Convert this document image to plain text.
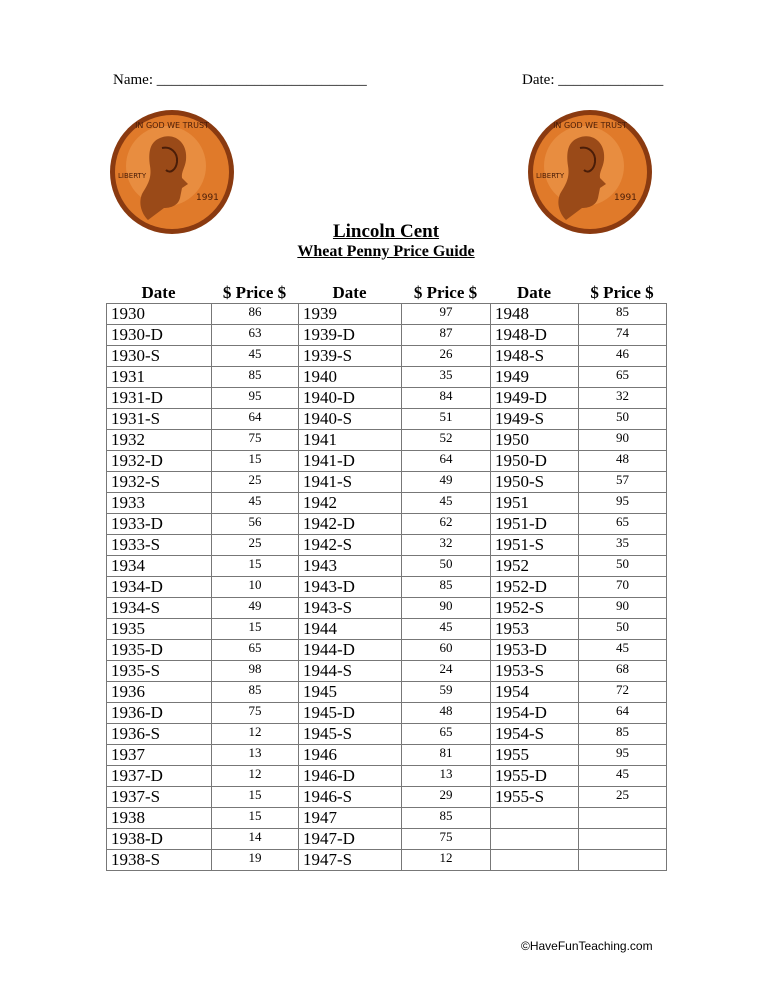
Name: ____________________________	Date: ______________
IN GOD WE TRUST
LIBERTY
1991
IN GOD WE TRUST
LIBERTY
1991
Lincoln Cent
Wheat Penny Price Guide
Date	$ Price $	Date	$ Price $	Date	$ Price $
1930	86	1939	97	1948	85
1930-D	63	1939-D	87	1948-D	74
1930-S	45	1939-S	26	1948-S	46
1931	85	1940	35	1949	65
1931-D	95	1940-D	84	1949-D	32
1931-S	64	1940-S	51	1949-S	50
1932	75	1941	52	1950	90
1932-D	15	1941-D	64	1950-D	48
1932-S	25	1941-S	49	1950-S	57
1933	45	1942	45	1951	95
1933-D	56	1942-D	62	1951-D	65
1933-S	25	1942-S	32	1951-S	35
1934	15	1943	50	1952	50
1934-D	10	1943-D	85	1952-D	70
1934-S	49	1943-S	90	1952-S	90
1935	15	1944	45	1953	50
1935-D	65	1944-D	60	1953-D	45
1935-S	98	1944-S	24	1953-S	68
1936	85	1945	59	1954	72
1936-D	75	1945-D	48	1954-D	64
1936-S	12	1945-S	65	1954-S	85
1937	13	1946	81	1955	95
1937-D	12	1946-D	13	1955-D	45
1937-S	15	1946-S	29	1955-S	25
1938	15	1947	85		
1938-D	14	1947-D	75		
1938-S	19	1947-S	12		
©HaveFunTeaching.com
